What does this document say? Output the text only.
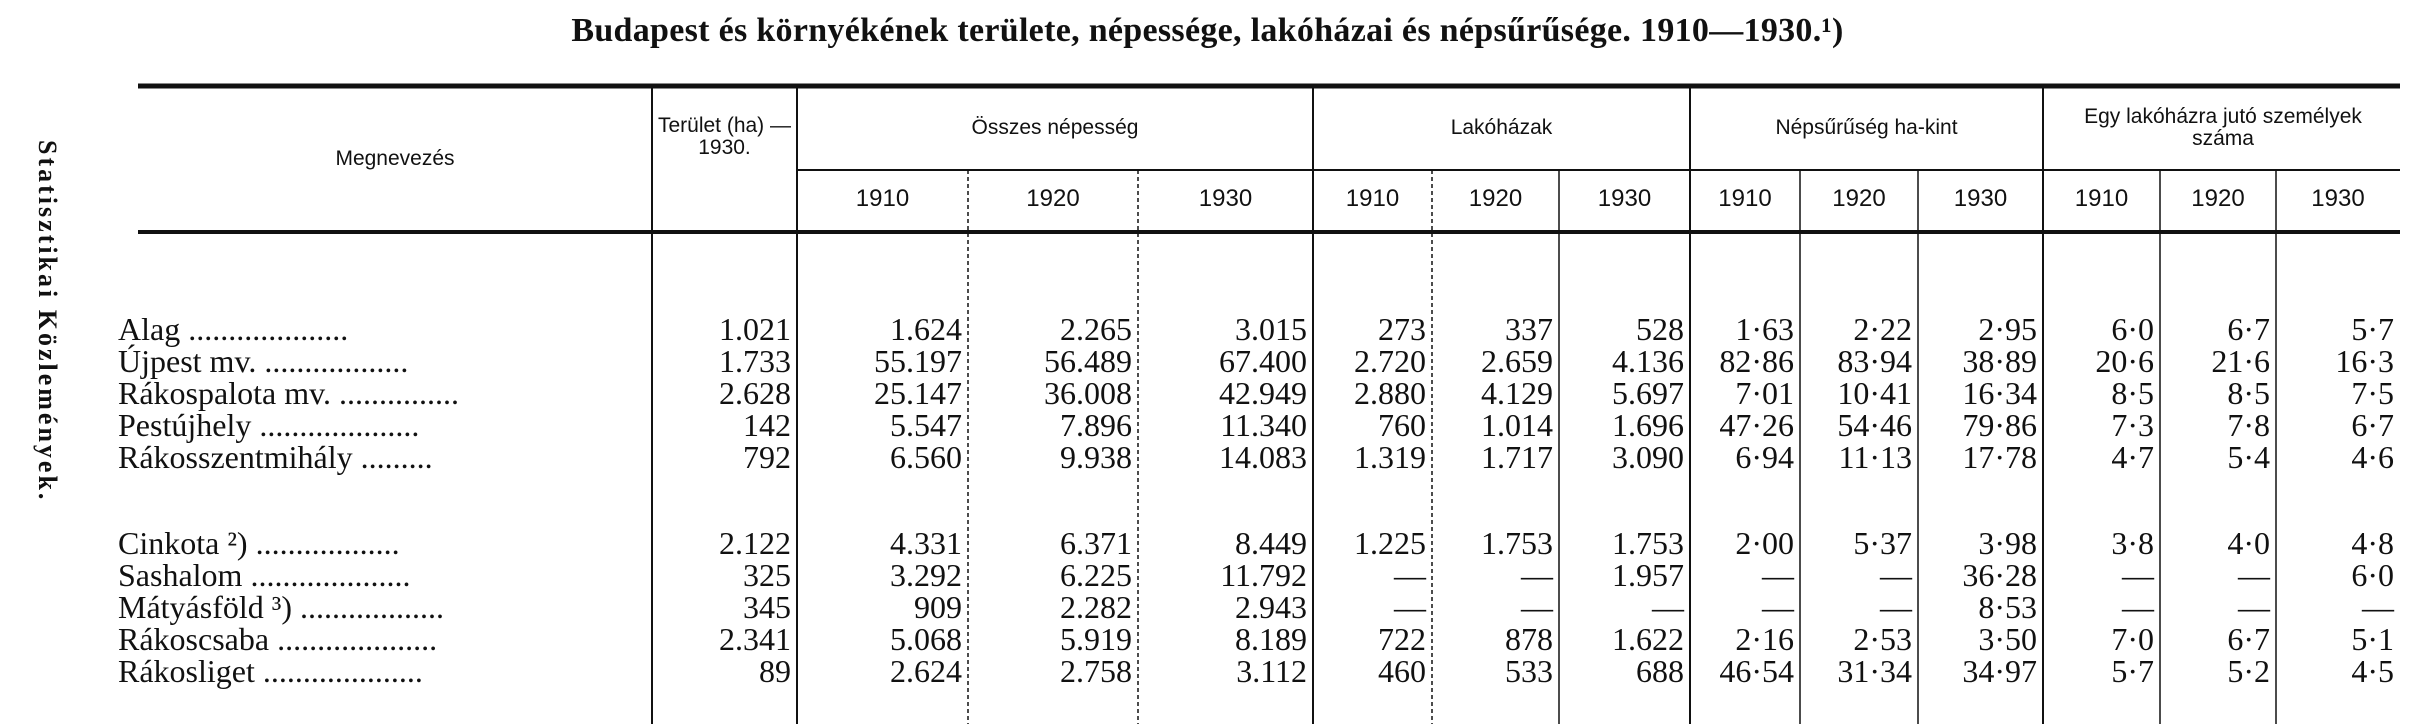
Budapest és környékének területe, népessége, lakóházai és népsűrűsége. 1910—1930.¹)
Statisztikai Közlemények.	Megnevezés
Terület (ha) — 1930.
Összes népesség	Lakóházak	Népsűrűség ha-kint	Egy lakóházra jutó személyek száma
1910	1920	1930	1910	1920	1930	1910	1920	1930	1910	1920	1930
Alag ....................	1.021	1.624	2.265	3.015	273	337	528	1·63	2·22	2·95	6·0	6·7	5·7
Újpest mv. ..................	1.733	55.197	56.489	67.400	2.720	2.659	4.136	82·86	83·94	38·89	20·6	21·6	16·3
Rákospalota mv. ...............	2.628	25.147	36.008	42.949	2.880	4.129	5.697	7·01	10·41	16·34	8·5	8·5	7·5
Pestújhely ....................	142	5.547	7.896	11.340	760	1.014	1.696	47·26	54·46	79·86	7·3	7·8	6·7
Rákosszentmihály .........	792	6.560	9.938	14.083	1.319	1.717	3.090	6·94	11·13	17·78	4·7	5·4	4·6
Cinkota ²) ..................	2.122	4.331	6.371	8.449	1.225	1.753	1.753	2·00	5·37	3·98	3·8	4·0	4·8
Sashalom ....................	325	3.292	6.225	11.792	—	—	1.957	—	—	36·28	—	—	6·0
Mátyásföld ³) ..................	345	909	2.282	2.943	—	—	—	—	—	8·53	—	—	—
Rákoscsaba ....................	2.341	5.068	5.919	8.189	722	878	1.622	2·16	2·53	3·50	7·0	6·7	5·1
Rákosliget ....................	89	2.624	2.758	3.112	460	533	688	46·54	31·34	34·97	5·7	5·2	4·5
